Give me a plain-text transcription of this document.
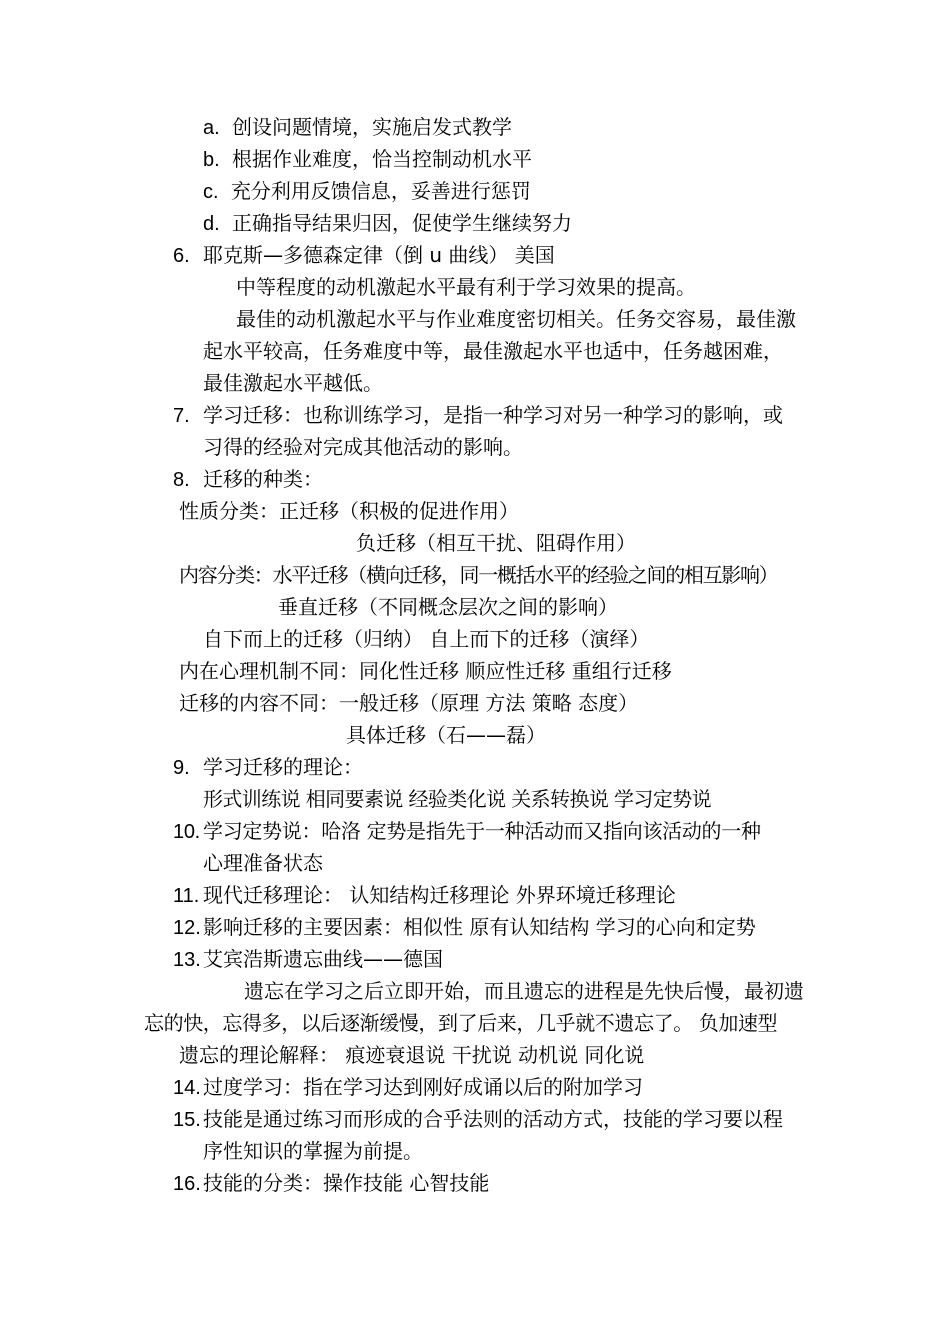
a. 创设问题情境，实施启发式教学
b. 根据作业难度，恰当控制动机水平
c. 充分利用反馈信息，妥善进行惩罚
d. 正确指导结果归因，促使学生继续努力
6. 耶克斯—多德森定律（倒 u 曲线） 美国
中等程度的动机激起水平最有利于学习效果的提高。
最佳的动机激起水平与作业难度密切相关。任务交容易，最佳激
起水平较高，任务难度中等，最佳激起水平也适中，任务越困难，
最佳激起水平越低。
7. 学习迁移：也称训练学习，是指一种学习对另一种学习的影响，或
习得的经验对完成其他活动的影响。
8. 迁移的种类：
性质分类：正迁移（积极的促进作用）
负迁移（相互干扰、阻碍作用）
内容分类：水平迁移（横向迁移，同一概括水平的经验之间的相互影响）
垂直迁移（不同概念层次之间的影响）
自下而上的迁移（归纳） 自上而下的迁移（演绎）
内在心理机制不同：同化性迁移 顺应性迁移 重组行迁移
迁移的内容不同：一般迁移（原理 方法 策略 态度）
具体迁移（石——磊）
9. 学习迁移的理论：
形式训练说 相同要素说 经验类化说 关系转换说 学习定势说
10. 学习定势说：哈洛 定势是指先于一种活动而又指向该活动的一种
心理准备状态
11. 现代迁移理论： 认知结构迁移理论 外界环境迁移理论
12. 影响迁移的主要因素：相似性 原有认知结构 学习的心向和定势
13. 艾宾浩斯遗忘曲线——德国
遗忘在学习之后立即开始，而且遗忘的进程是先快后慢，最初遗
忘的快，忘得多，以后逐渐缓慢，到了后来，几乎就不遗忘了。 负加速型
遗忘的理论解释： 痕迹衰退说 干扰说 动机说 同化说
14. 过度学习：指在学习达到刚好成诵以后的附加学习
15. 技能是通过练习而形成的合乎法则的活动方式，技能的学习要以程
序性知识的掌握为前提。
16. 技能的分类：操作技能 心智技能
